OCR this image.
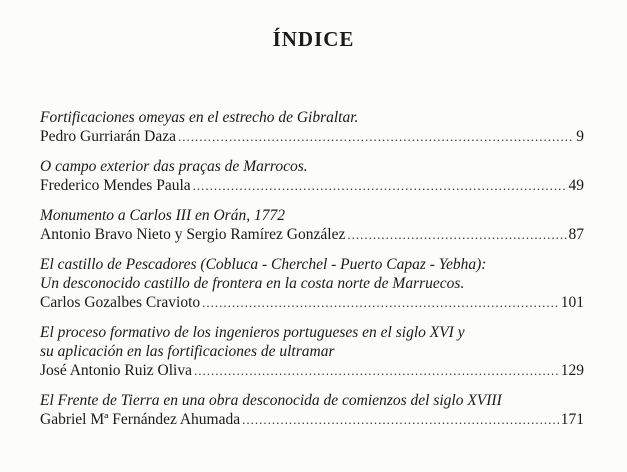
ÍNDICE
Fortificaciones omeyas en el estrecho de Gibraltar.
Pedro Gurriarán Daza .....	9
O campo exterior das praças de Marrocos.
Frederico Mendes Paula .....	49
Monumento a Carlos III en Orán, 1772
Antonio Bravo Nieto y Sergio Ramírez González .....	87
El castillo de Pescadores (Cobluca - Cherchel - Puerto Capaz - Yebha):
Un desconocido castillo de frontera en la costa norte de Marruecos.
Carlos Gozalbes Cravioto .....	101
El proceso formativo de los ingenieros portugueses en el siglo XVI y
su aplicación en las fortificaciones de ultramar
José Antonio Ruiz Oliva .....	129
El Frente de Tierra en una obra desconocida de comienzos del siglo XVIII
Gabriel Mª Fernández Ahumada .....	171
